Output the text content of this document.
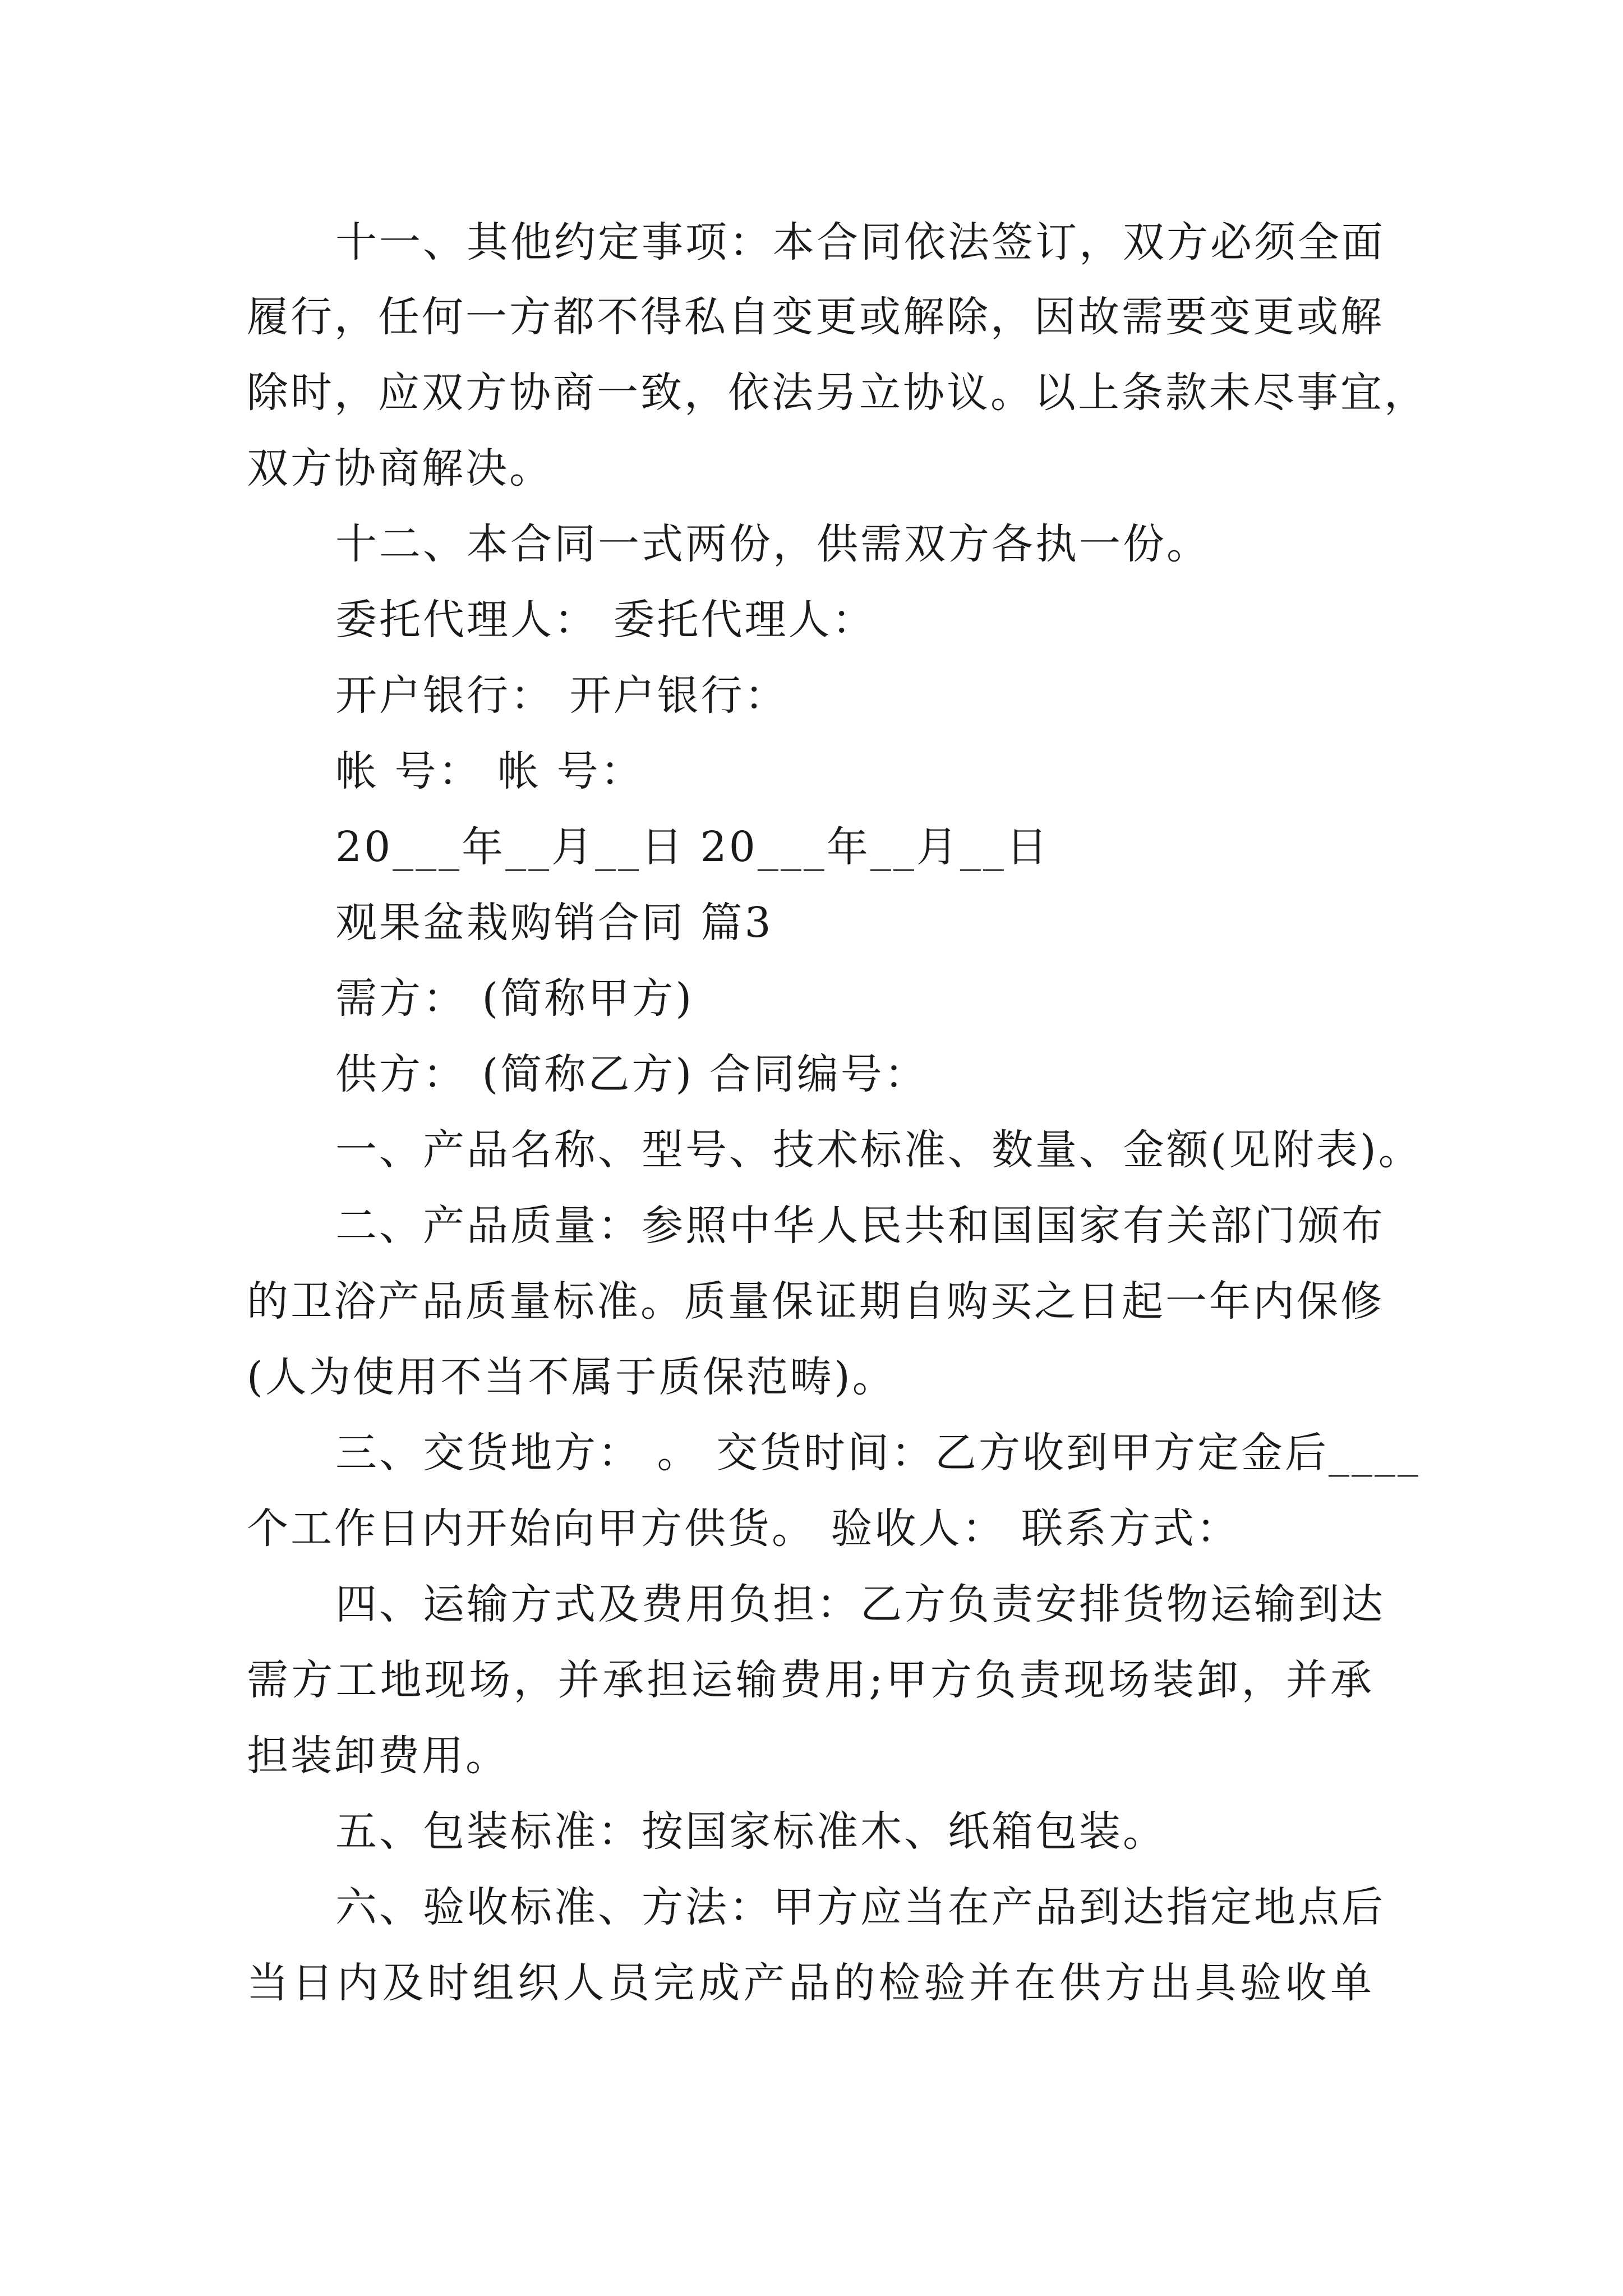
十一、其他约定事项：本合同依法签订，双方必须全面
履行，任何一方都不得私自变更或解除，因故需要变更或解
除时，应双方协商一致，依法另立协议。以上条款未尽事宜，
双方协商解决。
十二、本合同一式两份，供需双方各执一份。
委托代理人： 委托代理人：
开户银行： 开户银行：
帐 号： 帐 号：
20___年__月__日 20___年__月__日
观果盆栽购销合同 篇3
需方： (简称甲方)
供方： (简称乙方) 合同编号：
一、产品名称、型号、技术标准、数量、金额(见附表)。
二、产品质量：参照中华人民共和国国家有关部门颁布
的卫浴产品质量标准。质量保证期自购买之日起一年内保修
(人为使用不当不属于质保范畴)。
三、交货地方： 。 交货时间：乙方收到甲方定金后____
个工作日内开始向甲方供货。 验收人： 联系方式：
四、运输方式及费用负担：乙方负责安排货物运输到达
需方工地现场，并承担运输费用;甲方负责现场装卸，并承
担装卸费用。
五、包装标准：按国家标准木、纸箱包装。
六、验收标准、方法：甲方应当在产品到达指定地点后
当日内及时组织人员完成产品的检验并在供方出具验收单
